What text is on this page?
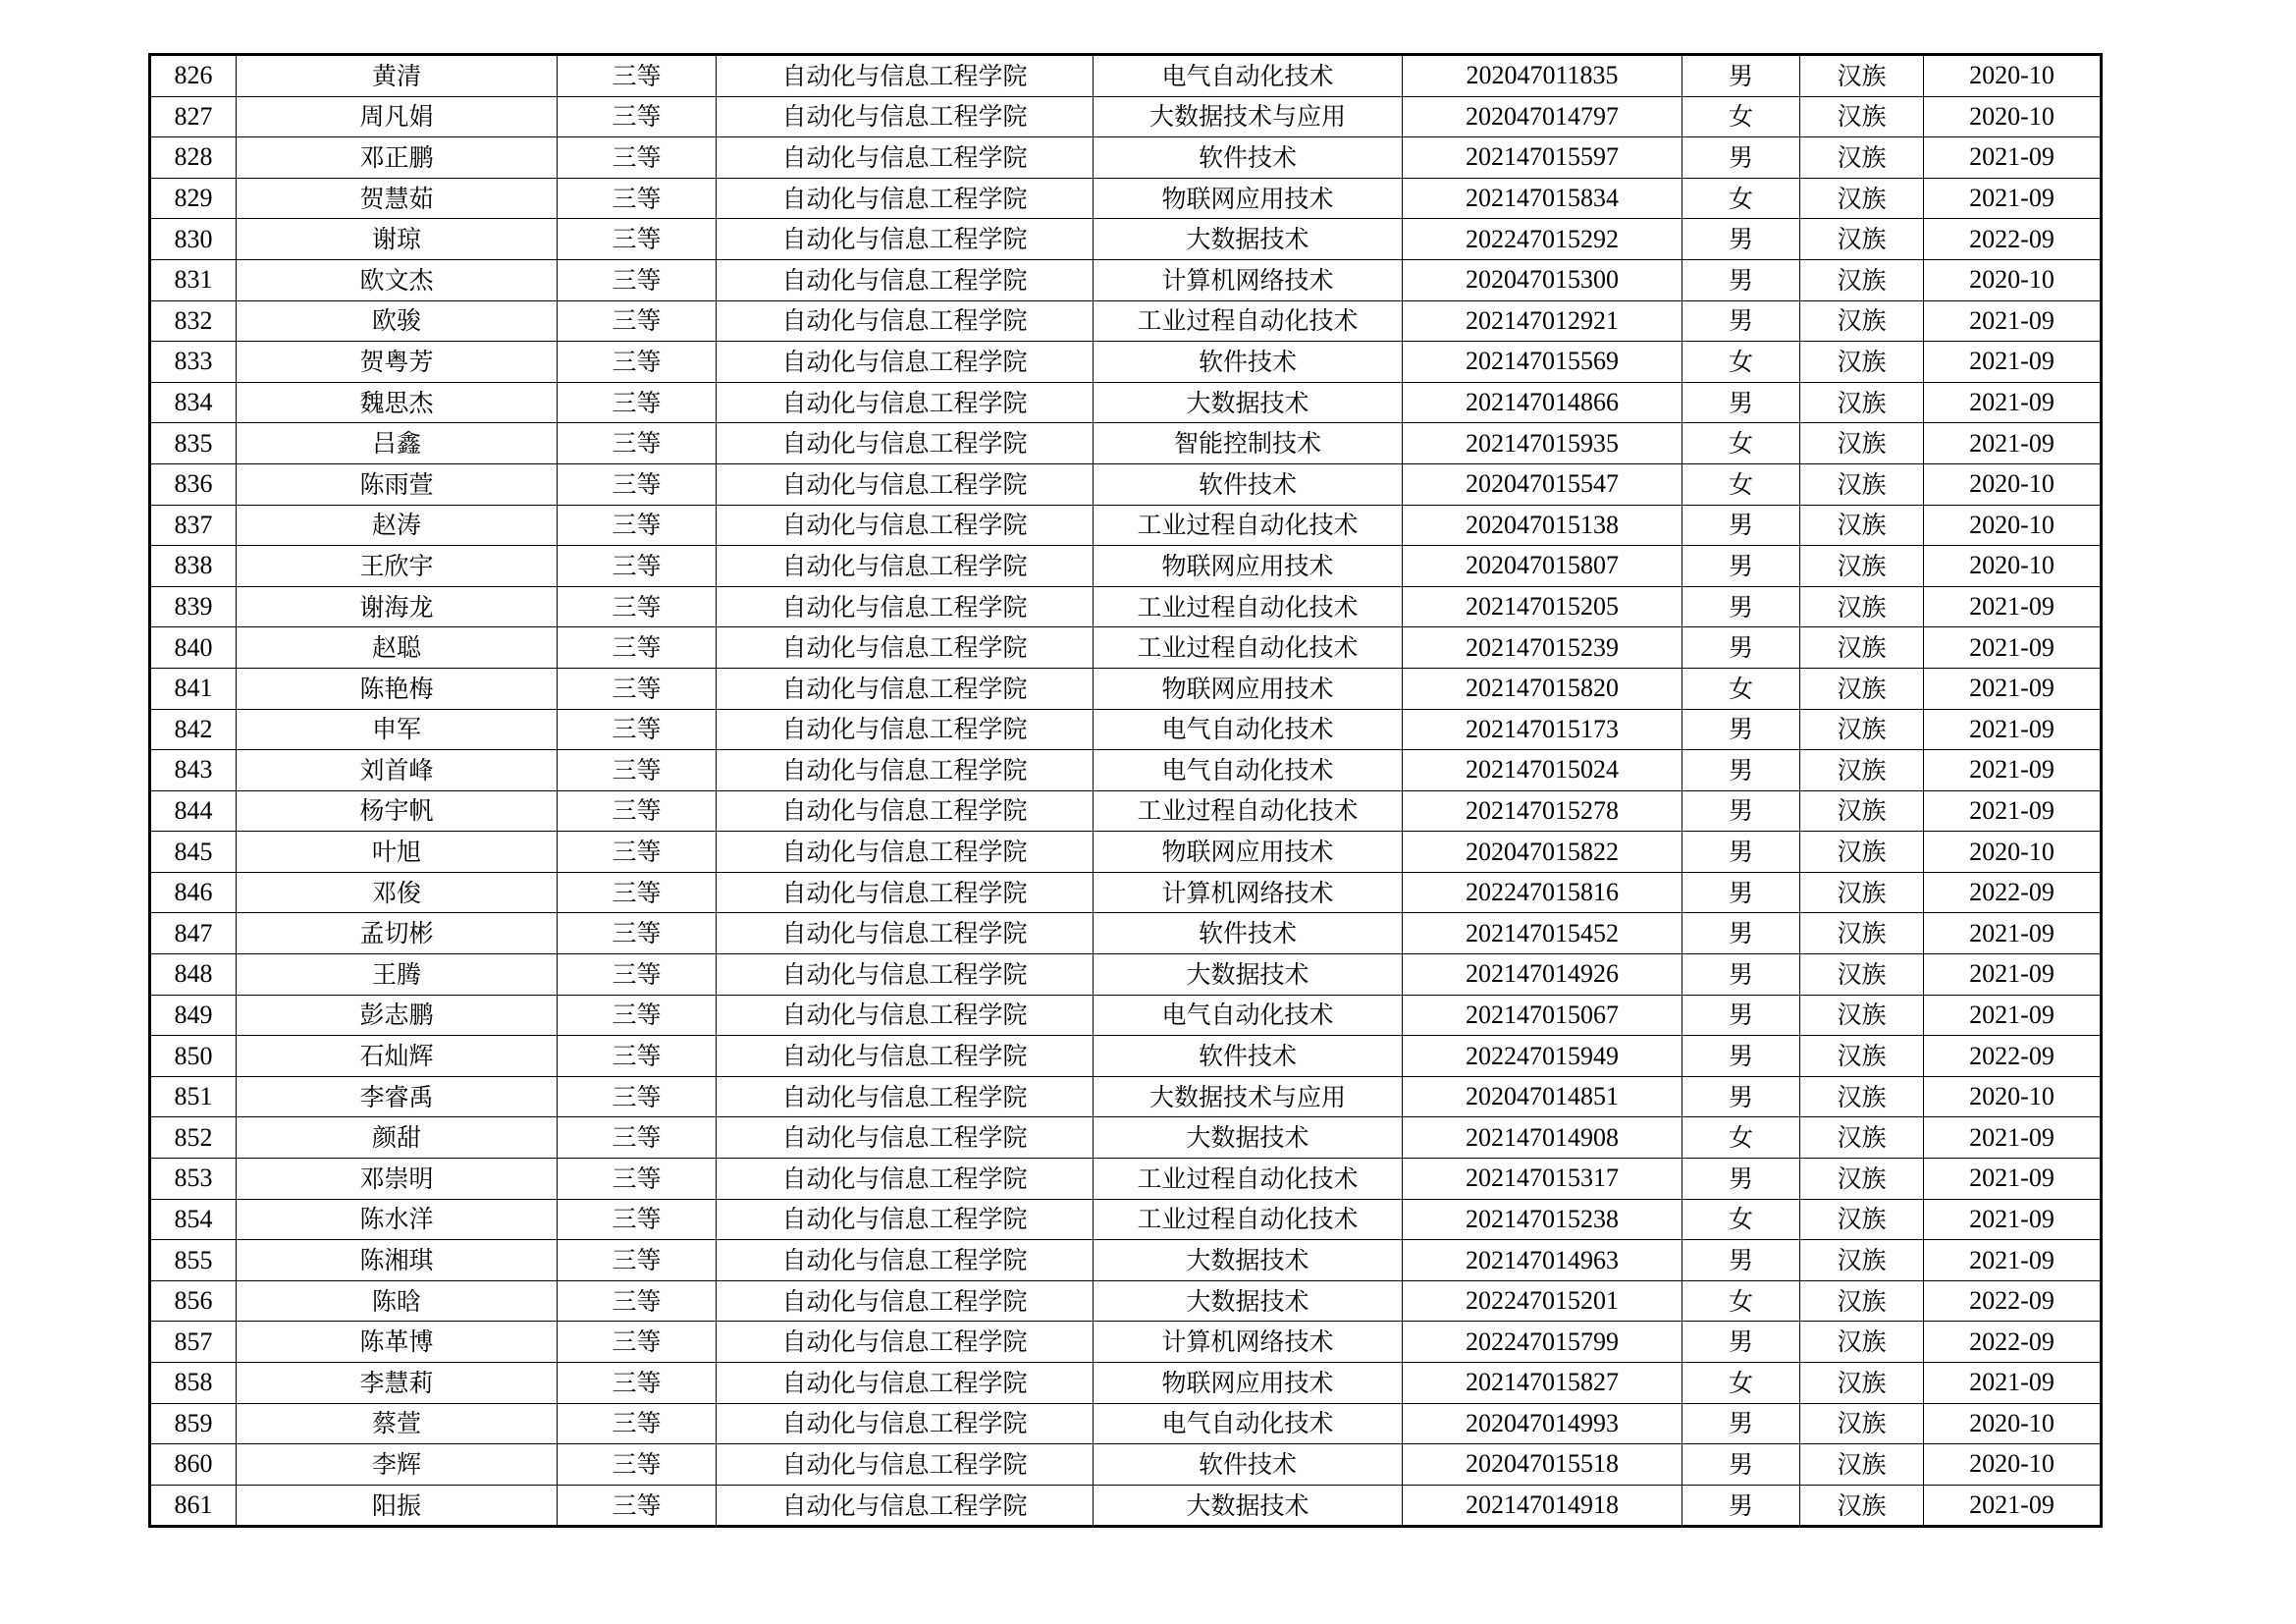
826	黄清	三等	自动化与信息工程学院	电气自动化技术	202047011835	男	汉族	2020-10
827	周凡娟	三等	自动化与信息工程学院	大数据技术与应用	202047014797	女	汉族	2020-10
828	邓正鹏	三等	自动化与信息工程学院	软件技术	202147015597	男	汉族	2021-09
829	贺慧茹	三等	自动化与信息工程学院	物联网应用技术	202147015834	女	汉族	2021-09
830	谢琼	三等	自动化与信息工程学院	大数据技术	202247015292	男	汉族	2022-09
831	欧文杰	三等	自动化与信息工程学院	计算机网络技术	202047015300	男	汉族	2020-10
832	欧骏	三等	自动化与信息工程学院	工业过程自动化技术	202147012921	男	汉族	2021-09
833	贺粤芳	三等	自动化与信息工程学院	软件技术	202147015569	女	汉族	2021-09
834	魏思杰	三等	自动化与信息工程学院	大数据技术	202147014866	男	汉族	2021-09
835	吕鑫	三等	自动化与信息工程学院	智能控制技术	202147015935	女	汉族	2021-09
836	陈雨萱	三等	自动化与信息工程学院	软件技术	202047015547	女	汉族	2020-10
837	赵涛	三等	自动化与信息工程学院	工业过程自动化技术	202047015138	男	汉族	2020-10
838	王欣宇	三等	自动化与信息工程学院	物联网应用技术	202047015807	男	汉族	2020-10
839	谢海龙	三等	自动化与信息工程学院	工业过程自动化技术	202147015205	男	汉族	2021-09
840	赵聪	三等	自动化与信息工程学院	工业过程自动化技术	202147015239	男	汉族	2021-09
841	陈艳梅	三等	自动化与信息工程学院	物联网应用技术	202147015820	女	汉族	2021-09
842	申军	三等	自动化与信息工程学院	电气自动化技术	202147015173	男	汉族	2021-09
843	刘首峰	三等	自动化与信息工程学院	电气自动化技术	202147015024	男	汉族	2021-09
844	杨宇帆	三等	自动化与信息工程学院	工业过程自动化技术	202147015278	男	汉族	2021-09
845	叶旭	三等	自动化与信息工程学院	物联网应用技术	202047015822	男	汉族	2020-10
846	邓俊	三等	自动化与信息工程学院	计算机网络技术	202247015816	男	汉族	2022-09
847	孟切彬	三等	自动化与信息工程学院	软件技术	202147015452	男	汉族	2021-09
848	王腾	三等	自动化与信息工程学院	大数据技术	202147014926	男	汉族	2021-09
849	彭志鹏	三等	自动化与信息工程学院	电气自动化技术	202147015067	男	汉族	2021-09
850	石灿辉	三等	自动化与信息工程学院	软件技术	202247015949	男	汉族	2022-09
851	李睿禹	三等	自动化与信息工程学院	大数据技术与应用	202047014851	男	汉族	2020-10
852	颜甜	三等	自动化与信息工程学院	大数据技术	202147014908	女	汉族	2021-09
853	邓崇明	三等	自动化与信息工程学院	工业过程自动化技术	202147015317	男	汉族	2021-09
854	陈水洋	三等	自动化与信息工程学院	工业过程自动化技术	202147015238	女	汉族	2021-09
855	陈湘琪	三等	自动化与信息工程学院	大数据技术	202147014963	男	汉族	2021-09
856	陈晗	三等	自动化与信息工程学院	大数据技术	202247015201	女	汉族	2022-09
857	陈革博	三等	自动化与信息工程学院	计算机网络技术	202247015799	男	汉族	2022-09
858	李慧莉	三等	自动化与信息工程学院	物联网应用技术	202147015827	女	汉族	2021-09
859	蔡萱	三等	自动化与信息工程学院	电气自动化技术	202047014993	男	汉族	2020-10
860	李辉	三等	自动化与信息工程学院	软件技术	202047015518	男	汉族	2020-10
861	阳振	三等	自动化与信息工程学院	大数据技术	202147014918	男	汉族	2021-09
